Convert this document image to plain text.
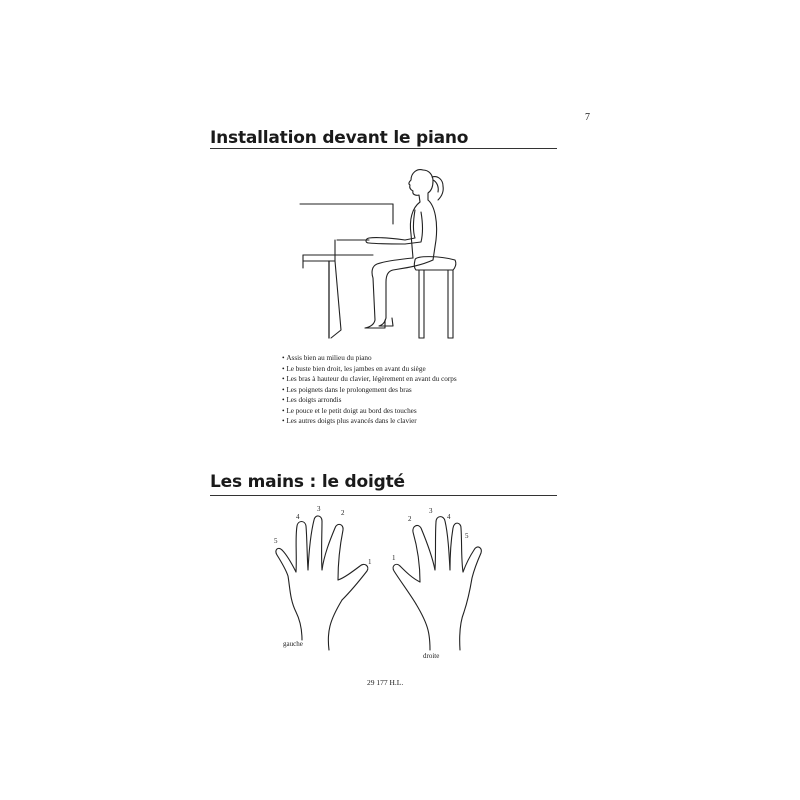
7
Installation devant le piano
• Assis bien au milieu du piano
• Le buste bien droit, les jambes en avant du siège
• Les bras à hauteur du clavier, légèrement en avant du corps
• Les poignets dans le prolongement des bras
• Les doigts arrondis
• Le pouce et le petit doigt au bord des touches
• Les autres doigts plus avancés dans le clavier
Les mains : le doigté
5
4
3	2
1	1
2
3
4
5
gauche
droite
29 177 H.L.
